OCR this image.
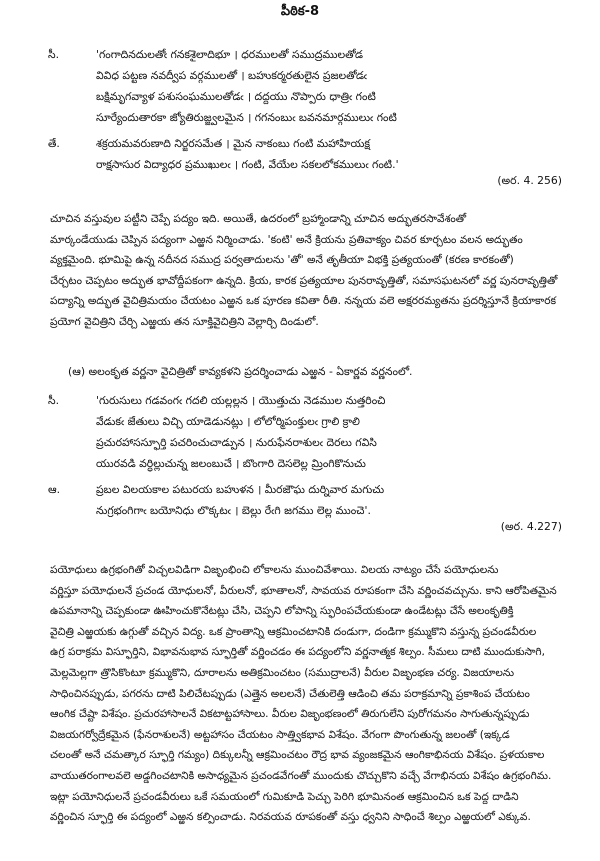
పీఠిక-8
సీ.	'గంగాదినదులతోఁ గనకశైలాదిభూ । ధరములతో సముద్రములతోడ
వివిధ పట్టణ నవద్వీప వర్గములతో । బహుకర్మరతులైన ప్రజలతోడఁ
బక్షిమృగవ్యాళ పశుసంఘములతోడఁ । దద్దయు నొప్పారు ధాత్రిఁ గంటి
సూర్యేందుతారకా జ్యోతిరుజ్జ్వలమైన । గగనంబుఁ బవనమార్గములుఁ గంటి
తే.	శక్రయమవరుణాది నిర్జరసమేత । మైన నాకంబు గంటి మహాహియక్ష
రాక్షసాసుర విద్యాధర ప్రముఖులఁ । గంటి, వేయేల సకలలోకములుఁ గంటి.'
(అర. 4. 256)
చూచిన వస్తువుల పట్టీని చెప్పే పద్యం ఇది. అయితే, ఉదరంలో బ్రహ్మాండాన్ని చూచిన అద్భుతరసావేశంతో
మార్కండేయుడు చెప్పిన పద్యంగా ఎఱ్ఱన నిర్మించాడు. 'కంటి' అనే క్రియను ప్రతివాక్యం చివర కూర్చటం వలన అద్భుతం
వ్యక్తమైంది. భూమిపై ఉన్న నదీనద సముద్ర పర్వతాదులను 'తో' అనే తృతీయా విభక్తి ప్రత్యయంతో (కరణ కారకంతో)
చేర్చటం చెప్పటం అద్భుత భావోద్దీపకంగా ఉన్నది. క్రియ, కారక ప్రత్యయాల పునరావృత్తితో, సమాసఘటనలో వర్ణ పునరావృత్తితో
పద్యాన్ని అద్భుత వైచిత్రిమయం చేయటం ఎఱ్ఱన ఒక పూరణ కవితా రీతి. నన్నయ వలె అక్షరరమ్యతను ప్రదర్శిస్తూనే క్రియాకారక
ప్రయోగ వైచిత్రిని చేర్చి ఎఱ్ఱయ తన సూక్తివైచిత్రిని వెల్లార్చి దిండులో.
(ఆ) అలంకృత వర్ణనా వైచిత్రితో కావ్యకళని ప్రదర్శించాడు ఎఱ్ఱన - ఏకార్ణవ వర్ణనంలో.
సీ.	'గురుసులు గడవంగఁ గదలి యల్లల్లన । యొత్తుచు నెడముల నుత్తరించి
వేడుకఁ జేతులు విచ్చి యాడెడునట్లు । లోలోర్మిపంక్తులఁ గ్రాలి క్రాలి
ప్రచురహాసస్ఫూర్తి పచరించుచాడ్పున । నురుఫేనరాశులఁ దెరలు గవిసి
యురవడి వర్ధిల్లుచున్న జలంబుచే । బొంగారి దెసలెల్ల మ్రింగికొనుచు
ఆ.	ప్రబల విలయకాల పటురయ బహుళన । మీరజౌఘ దుర్నివార మగుచు
నుగ్రభంగిగాఁ బయోనిధు లొక్కటఁ । బెల్లు రేఁగి జగము లెల్ల ముంచె'.
(అర. 4.227)
పయోధులు ఉగ్రభంగితో విచ్చలవిడిగా విజృంభించి లోకాలను ముంచివేశాయి. విలయ నాట్యం చేసే పయోధులను
వర్ణిస్తూ పయోధులనే ప్రచండ యోధులనో, వీరులనో, భూతాలనో, సావయవ రూపకంగా చేసి వర్ణించవచ్చును. కాని ఆరోపితమైన
ఉపమానాన్ని చెప్పకుండా ఊహించుకొనేటట్లు చేసి, చెప్పని లోపాన్ని స్ఫురింపచేయకుండా ఉండేటట్లు చేసే అలంకృతిక్తి
వైచిత్రి ఎఱ్ఱయకు ఉగ్గుతో వచ్చిన విద్య. ఒక ప్రాంతాన్ని ఆక్రమించటానికి దండుగా, దండిగా క్రమ్ముకొని వస్తున్న ప్రచండవీరుల
ఉగ్ర పరాక్రమ విస్ఫూర్తిని, విభావనుభావ స్ఫూర్తితో వర్ణించడం ఈ పద్యంలోని వర్ణనాత్మక శిల్పం. సీమలు దాటి ముందుకుసాగి,
మెల్లమెల్లగా త్రొసికొంటూ క్రమ్ముకొని, దూరాలను అతిక్రమించటం (సముద్రాలనే) వీరుల విజృంభణ చర్య. విజయాలను
సాధించినప్పుడు, పగరను దాటి పిలిచేటప్పుడు (ఎత్తైన అలలనే) చేతులెత్తి ఆడించి తమ పరాక్రమాన్ని ప్రకాశింప చేయటం
ఆంగిక చేష్టా విశేషం. ప్రచురహాసాలనే వికటాట్టహాసాలు. వీరుల విజృంభణంలో తిరుగులేని పురోగమనం సాగుతున్నప్పుడు
విజయగర్వోద్రేకమైన (ఫేనరాశులనే) అట్టహాసం చేయటం సాత్త్వికభావ విశేషం. వేగంగా పొంగుతున్న జలంతో (ఇక్కడ
చలంతో అనే చమత్కార స్ఫూర్తి గమ్యం) దిక్కులన్నీ ఆక్రమించటం రౌద్ర భావ వ్యంజకమైన ఆంగికాభినయ విశేషం. ప్రళయకాల
వాయుతరంగాలవలె అడ్డగించటానికి అసాధ్యమైన ప్రచండవేగంతో ముందుకు చొచ్చుకొని వచ్చే వేగాభినయ విశేషం ఉగ్రభంగిమ.
ఇట్లా పయోనిధులనే ప్రచండవీరులు ఒకే సమయంలో గుమికూడి పెచ్చు పెరిగి భూమినంత ఆక్రమించిన ఒక పెద్ద దాడిని
వర్ణించిన స్ఫూర్తి ఈ పద్యంలో ఎఱ్ఱన కల్పించాడు. నిరవయవ రూపకంతో వస్తు ధ్వనిని సాధించే శిల్పం ఎఱ్ఱయలో ఎక్కువ.
